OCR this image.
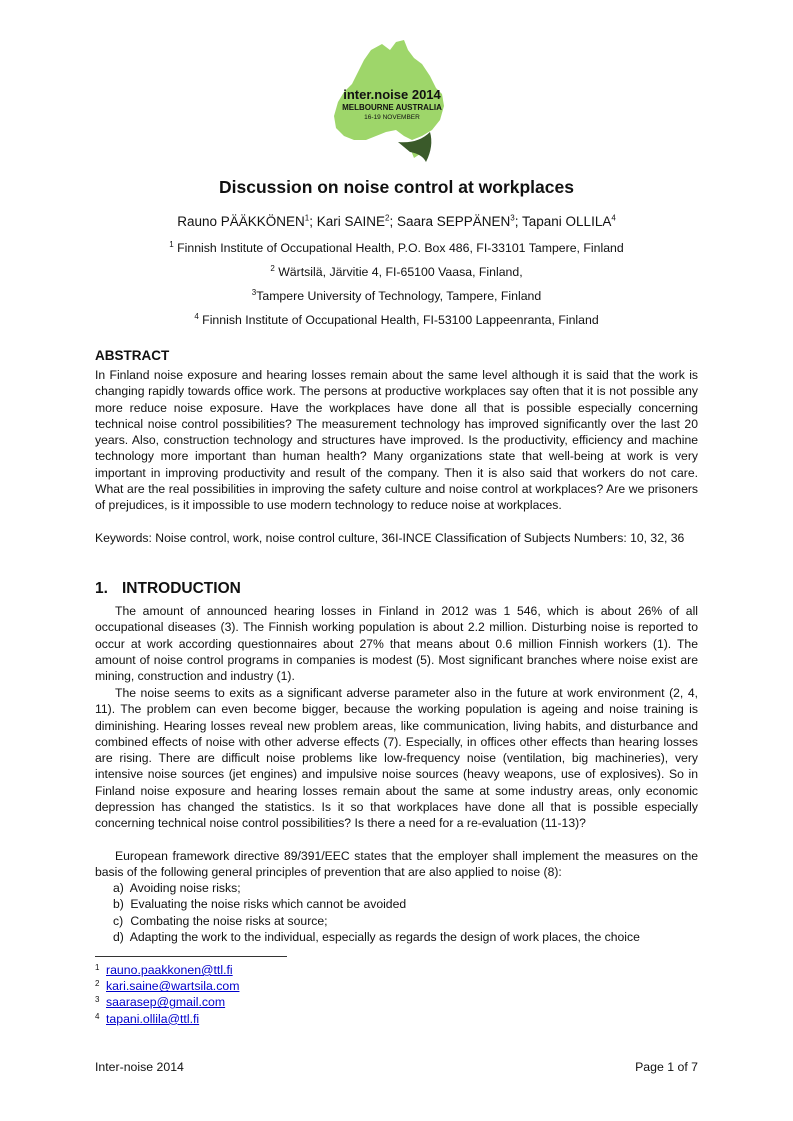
inter.noise 2014
MELBOURNE AUSTRALIA
16-19 NOVEMBER
Discussion on noise control at workplaces
Rauno PÄÄKKÖNEN$^1$; Kari SAINE$^2$; Saara SEPPÄNEN$^3$; Tapani OLLILA$^4$
$^1$ Finnish Institute of Occupational Health, P.O. Box 486, FI-33101 Tampere, Finland
$^2$ Wärtsilä, Järvitie 4, FI-65100 Vaasa, Finland,
$^3$Tampere University of Technology, Tampere, Finland
$^4$ Finnish Institute of Occupational Health, FI-53100 Lappeenranta, Finland
ABSTRACT

In Finland noise exposure and hearing losses remain about the same level although it is said that the work is changing rapidly towards office work. The persons at productive workplaces say often that it is not possible any more reduce noise exposure. Have the workplaces have done all that is possible especially concerning technical noise control possibilities? The measurement technology has improved significantly over the last 20 years. Also, construction technology and structures have improved. Is the productivity, efficiency and machine technology more important than human health? Many organizations state that well-being at work is very important in improving productivity and result of the company. Then it is also said that workers do not care. What are the real possibilities in improving the safety culture and noise control at workplaces? Are we prisoners of prejudices, is it impossible to use modern technology to reduce noise at workplaces.

Keywords: Noise control, work, noise control culture, 36I-INCE Classification of Subjects Numbers: 10, 32, 36

1. INTRODUCTION

The amount of announced hearing losses in Finland in 2012 was 1 546, which is about 26% of all occupational diseases (3). The Finnish working population is about 2.2 million. Disturbing noise is reported to occur at work according questionnaires about 27% that means about 0.6 million Finnish workers (1). The amount of noise control programs in companies is modest (5). Most significant branches where noise exist are mining, construction and industry (1).

The noise seems to exits as a significant adverse parameter also in the future at work environment (2, 4, 11). The problem can even become bigger, because the working population is ageing and noise training is diminishing. Hearing losses reveal new problem areas, like communication, living habits, and disturbance and combined effects of noise with other adverse effects (7). Especially, in offices other effects than hearing losses are rising. There are difficult noise problems like low-frequency noise (ventilation, big machineries), very intensive noise sources (jet engines) and impulsive noise sources (heavy weapons, use of explosives). So in Finland noise exposure and hearing losses remain about the same at some industry areas, only economic depression has changed the statistics. Is it so that workplaces have done all that is possible especially concerning technical noise control possibilities? Is there a need for a re-evaluation (11-13)?

European framework directive 89/391/EEC states that the employer shall implement the measures on the basis of the following general principles of prevention that are also applied to noise (8):

a) Avoiding noise risks;
b) Evaluating the noise risks which cannot be avoided
c) Combating the noise risks at source;
d) Adapting the work to the individual, especially as regards the design of work places, the choice
1 rauno.paakkonen@ttl.fi
2 kari.saine@wartsila.com
3 saarasep@gmail.com
4 tapani.ollila@ttl.fi
Inter-noise 2014	Page 1 of 7
